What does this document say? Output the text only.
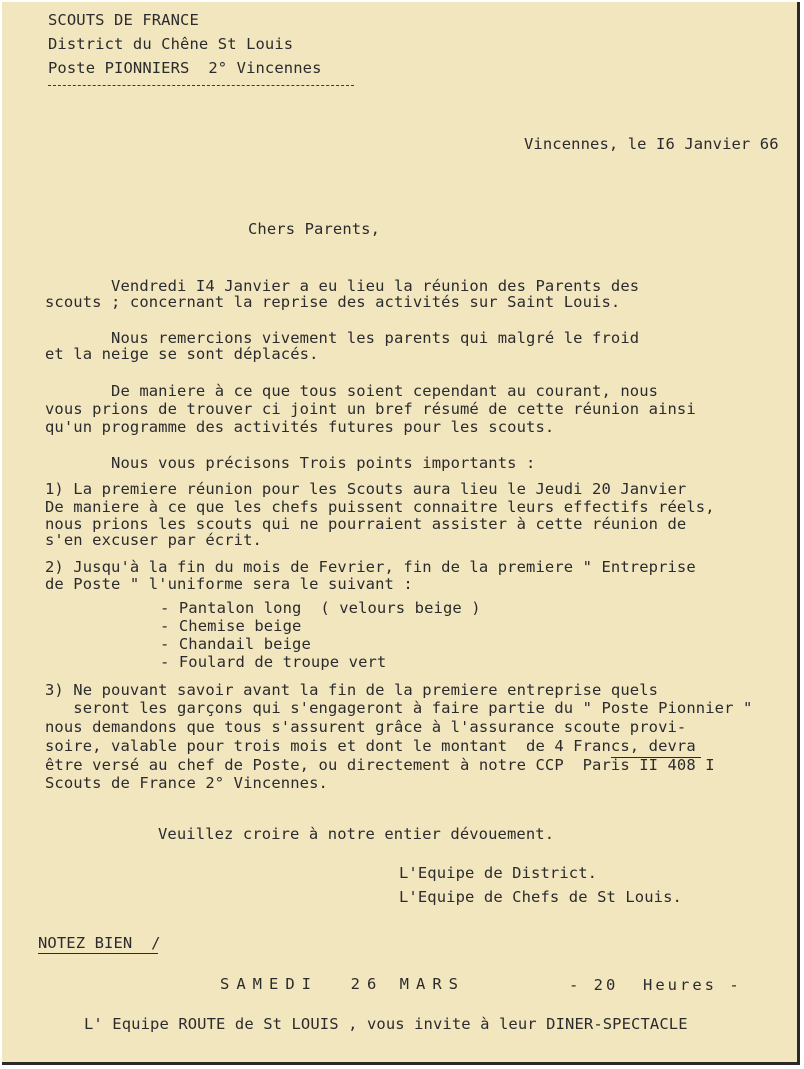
SCOUTS DE FRANCE
District du Chêne St Louis
Poste PIONNIERS  2° Vincennes
Vincennes, le I6 Janvier 66
Chers Parents,
Vendredi I4 Janvier a eu lieu la réunion des Parents des
scouts ; concernant la reprise des activités sur Saint Louis.
Nous remercions vivement les parents qui malgré le froid
et la neige se sont déplacés.
De maniere à ce que tous soient cependant au courant, nous
vous prions de trouver ci joint un bref résumé de cette réunion ainsi
qu'un programme des activités futures pour les scouts.
Nous vous précisons Trois points importants :
1) La premiere réunion pour les Scouts aura lieu le Jeudi 20 Janvier
De maniere à ce que les chefs puissent connaitre leurs effectifs réels,
nous prions les scouts qui ne pourraient assister à cette réunion de
s'en excuser par écrit.
2) Jusqu'à la fin du mois de Fevrier, fin de la premiere " Entreprise
de Poste " l'uniforme sera le suivant :
- Pantalon long  ( velours beige )
- Chemise beige
- Chandail beige
- Foulard de troupe vert
3) Ne pouvant savoir avant la fin de la premiere entreprise quels
seront les garçons qui s'engageront à faire partie du " Poste Pionnier "
nous demandons que tous s'assurent grâce à l'assurance scoute provi-
soire, valable pour trois mois et dont le montant  de 4 Francs, devra
être versé au chef de Poste, ou directement à notre CCP  Paris II 408 I
Scouts de France 2° Vincennes.
Veuillez croire à notre entier dévouement.
L'Equipe de District.
L'Equipe de Chefs de St Louis.
NOTEZ BIEN  /
SAMEDI  26 MARS	- 20  Heures -
L' Equipe ROUTE de St LOUIS , vous invite à leur DINER-SPECTACLE
